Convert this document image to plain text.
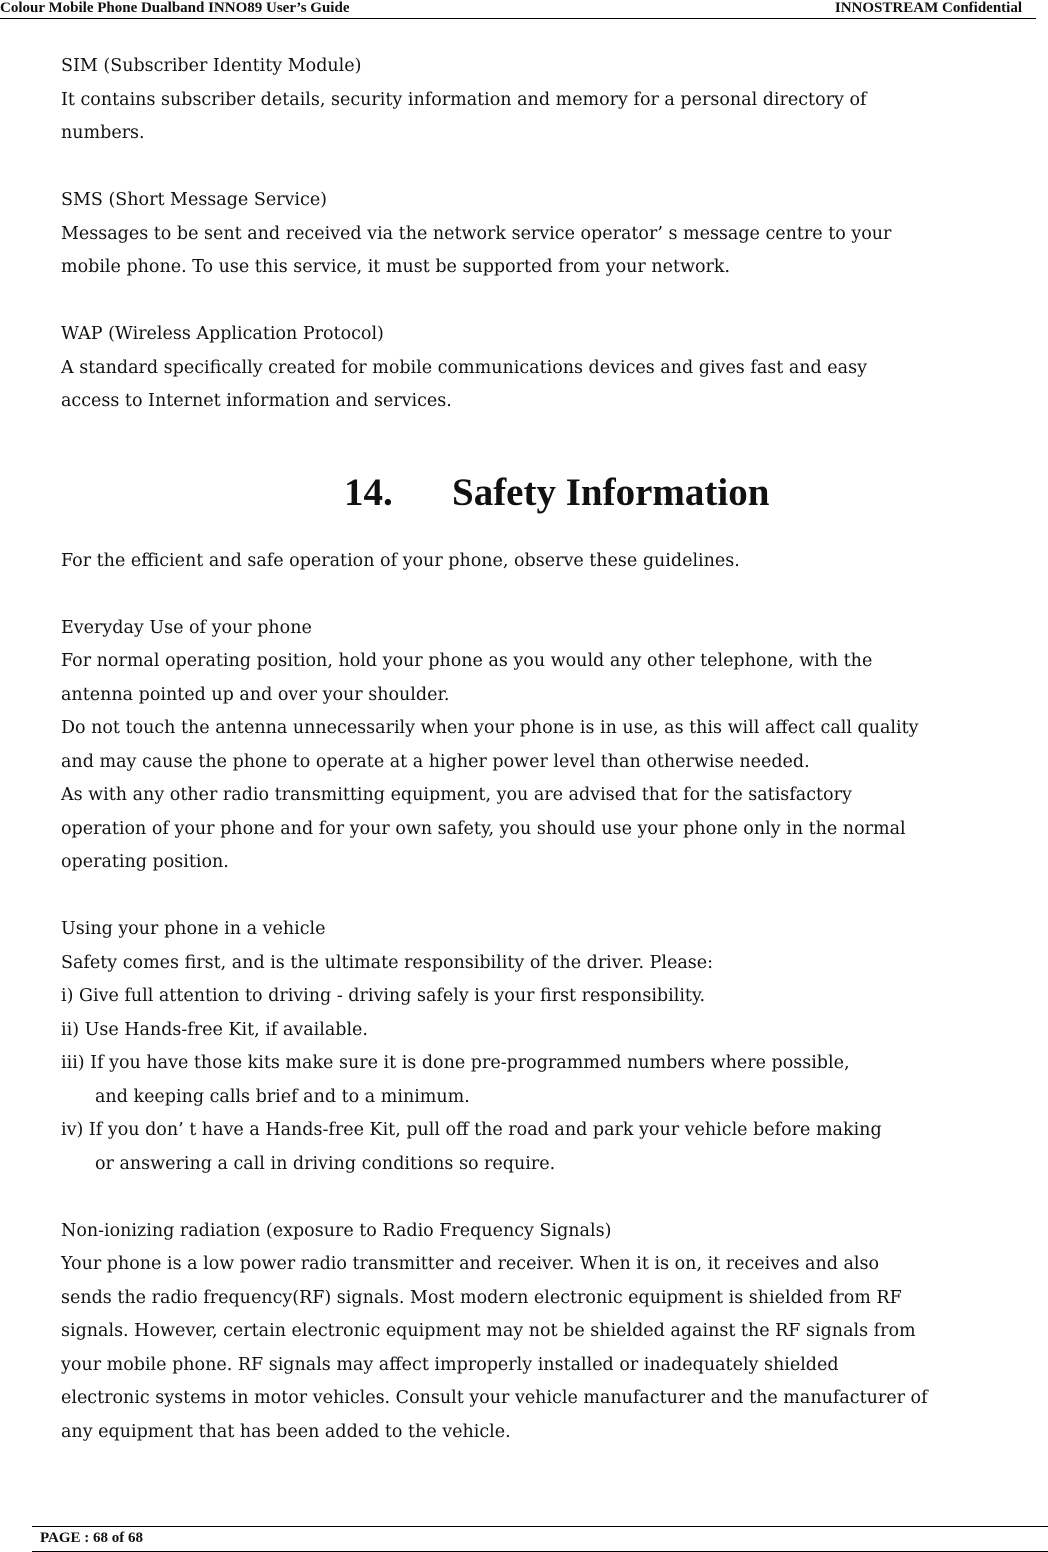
Colour Mobile Phone Dualband INNO89 User’s Guide	INNOSTREAM Confidential

SIM (Subscriber Identity Module)

It contains subscriber details, security information and memory for a personal directory of

numbers.

SMS (Short Message Service)

Messages to be sent and received via the network service operator’ s message centre to your

mobile phone. To use this service, it must be supported from your network.

WAP (Wireless Application Protocol)

A standard specifically created for mobile communications devices and gives fast and easy

access to Internet information and services.

14. Safety Information

For the efficient and safe operation of your phone, observe these guidelines.

Everyday Use of your phone

For normal operating position, hold your phone as you would any other telephone, with the

antenna pointed up and over your shoulder.

Do not touch the antenna unnecessarily when your phone is in use, as this will affect call quality

and may cause the phone to operate at a higher power level than otherwise needed.

As with any other radio transmitting equipment, you are advised that for the satisfactory

operation of your phone and for your own safety, you should use your phone only in the normal

operating position.

Using your phone in a vehicle

Safety comes first, and is the ultimate responsibility of the driver. Please:

i) Give full attention to driving - driving safely is your first responsibility.

ii) Use Hands-free Kit, if available.

iii) If you have those kits make sure it is done pre-programmed numbers where possible,

and keeping calls brief and to a minimum.

iv) If you don’ t have a Hands-free Kit, pull off the road and park your vehicle before making

or answering a call in driving conditions so require.

Non-ionizing radiation (exposure to Radio Frequency Signals)

Your phone is a low power radio transmitter and receiver. When it is on, it receives and also

sends the radio frequency(RF) signals. Most modern electronic equipment is shielded from RF

signals. However, certain electronic equipment may not be shielded against the RF signals from

your mobile phone. RF signals may affect improperly installed or inadequately shielded

electronic systems in motor vehicles. Consult your vehicle manufacturer and the manufacturer of

any equipment that has been added to the vehicle.

PAGE : 68 of 68
